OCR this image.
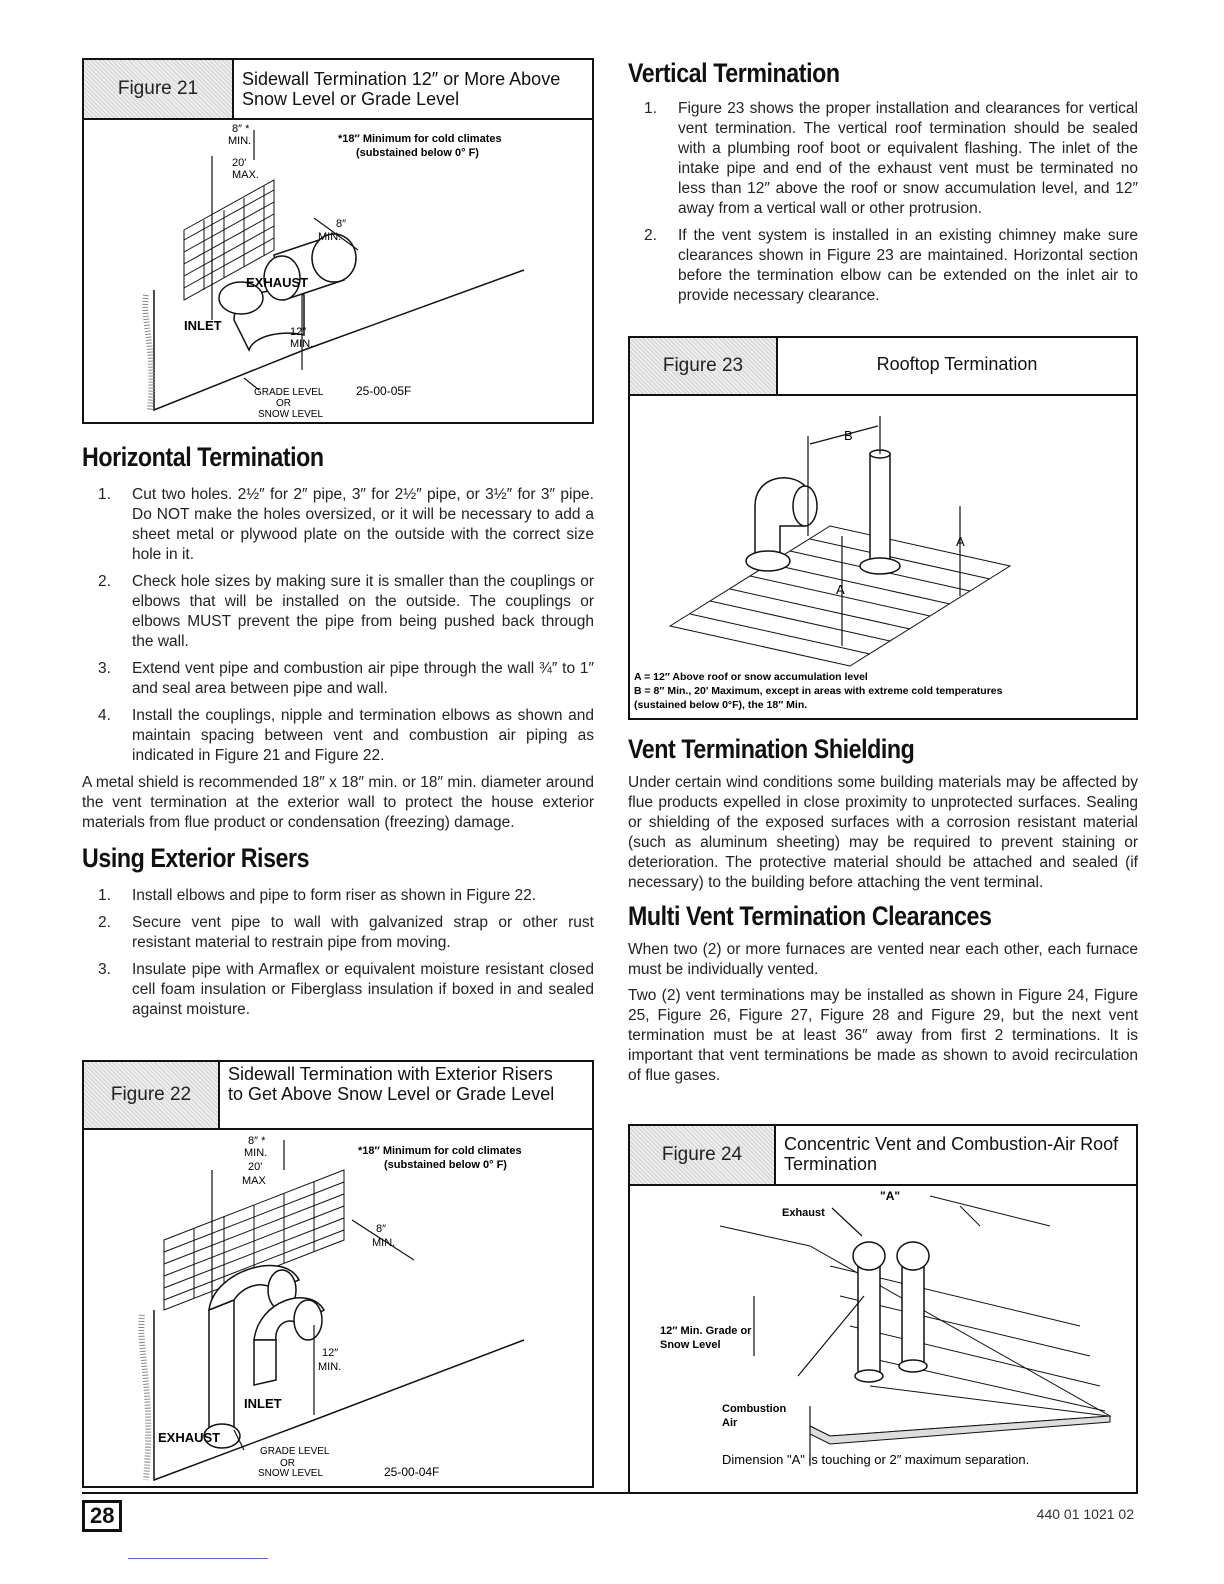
Figure 21	Sidewall Termination 12″ or More Above Snow Level or Grade Level
8″ *
MIN.
20'
MAX.
*18″ Minimum for cold climates
(substained below 0° F)
8″
MIN.
EXHAUST
INLET	12″
MIN.
GRADE LEVEL
OR
SNOW LEVEL
25-00-05F
Horizontal Termination
1. Cut two holes. 2½″ for 2″ pipe, 3″ for 2½″ pipe, or 3½″ for 3″ pipe. Do NOT make the holes oversized, or it will be necessary to add a sheet metal or plywood plate on the outside with the correct size hole in it.
2. Check hole sizes by making sure it is smaller than the couplings or elbows that will be installed on the outside. The couplings or elbows MUST prevent the pipe from being pushed back through the wall.
3. Extend vent pipe and combustion air pipe through the wall ¾″ to 1″ and seal area between pipe and wall.
4. Install the couplings, nipple and termination elbows as shown and maintain spacing between vent and combustion air piping as indicated in Figure 21 and Figure 22.

A metal shield is recommended 18″ x 18″ min. or 18″ min. diameter around the vent termination at the exterior wall to protect the house exterior materials from flue product or condensation (freezing) damage.

Using Exterior Risers
1. Install elbows and pipe to form riser as shown in Figure 22.
2. Secure vent pipe to wall with galvanized strap or other rust resistant material to restrain pipe from moving.
3. Insulate pipe with Armaflex or equivalent moisture resistant closed cell foam insulation or Fiberglass insulation if boxed in and sealed against moisture.
Figure 22
Sidewall Termination with Exterior Risers to Get Above Snow Level or Grade Level
8″ *
MIN.
20'
MAX
*18″ Minimum for cold climates
(substained below 0° F)
8″
MIN.
12″
MIN.
INLET
EXHAUST
GRADE LEVEL
OR
SNOW LEVEL	25-00-04F
Vertical Termination
1. Figure 23 shows the proper installation and clearances for vertical vent termination. The vertical roof termination should be sealed with a plumbing roof boot or equivalent flashing. The inlet of the intake pipe and end of the exhaust vent must be terminated no less than 12″ above the roof or snow accumulation level, and 12″ away from a vertical wall or other protrusion.
2. If the vent system is installed in an existing chimney make sure clearances shown in Figure 23 are maintained. Horizontal section before the termination elbow can be extended on the inlet air to provide necessary clearance.
Figure 23	Rooftop Termination
B
A
A
A = 12″ Above roof or snow accumulation level
B = 8″ Min., 20' Maximum, except in areas with extreme cold temperatures
(sustained below 0°F), the 18″ Min.
Vent Termination Shielding

Under certain wind conditions some building materials may be affected by flue products expelled in close proximity to unprotected surfaces. Sealing or shielding of the exposed surfaces with a corrosion resistant material (such as aluminum sheeting) may be required to prevent staining or deterioration. The protective material should be attached and sealed (if necessary) to the building before attaching the vent terminal.

Multi Vent Termination Clearances

When two (2) or more furnaces are vented near each other, each furnace must be individually vented.

Two (2) vent terminations may be installed as shown in Figure 24, Figure 25, Figure 26, Figure 27, Figure 28 and Figure 29, but the next vent termination must be at least 36″ away from first 2 terminations. It is important that vent terminations be made as shown to avoid recirculation of flue gases.

Figure 24	Concentric Vent and Combustion-Air Roof Termination
"A"
Exhaust
12″ Min. Grade or
Snow Level
Combustion
Air
Dimension "A" is touching or 2″ maximum separation.
28	440 01 1021 02
